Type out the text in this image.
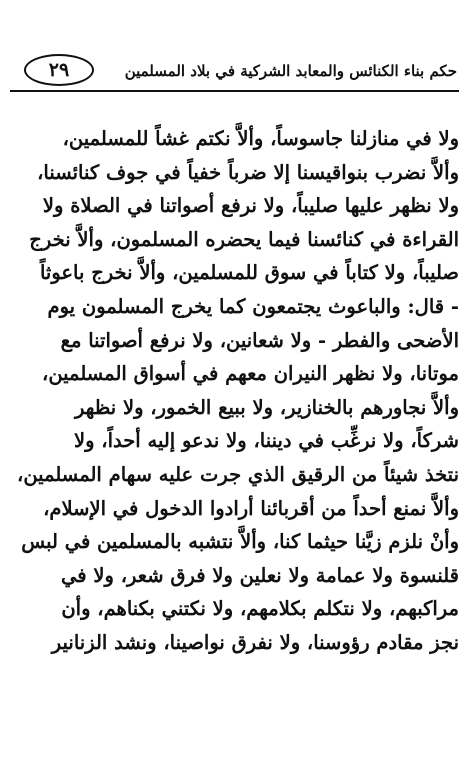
حكم بناء الكنائس والمعابد الشركية في بلاد المسلمين
٢٩
ولا في منازلنا جاسوساً، وألاَّ نكتم غشاً للمسلمين،
وألاَّ نضرب بنواقيسنا إلا ضرباً خفياً في جوف كنائسنا،
ولا نظهر عليها صليباً، ولا نرفع أصواتنا في الصلاة ولا
القراءة في كنائسنا فيما يحضره المسلمون، وألاَّ نخرج
صليباً، ولا كتاباً في سوق للمسلمين، وألاَّ نخرج باعوثاً
- قال: والباعوث يجتمعون كما يخرج المسلمون يوم
الأضحى والفطر - ولا شعانين، ولا نرفع أصواتنا مع
موتانا، ولا نظهر النيران معهم في أسواق المسلمين،
وألاَّ نجاورهم بالخنازير، ولا ببيع الخمور، ولا نظهر
شركاً، ولا نرغِّب في ديننا، ولا ندعو إليه أحداً، ولا
نتخذ شيئاً من الرقيق الذي جرت عليه سهام المسلمين،
وألاَّ نمنع أحداً من أقربائنا أرادوا الدخول في الإسلام،
وأنْ نلزم زيَّنا حيثما كنا، وألاَّ نتشبه بالمسلمين في لبس
قلنسوة ولا عمامة ولا نعلين ولا فرق شعر، ولا في
مراكبهم، ولا نتكلم بكلامهم، ولا نكتني بكناهم، وأن
نجز مقادم رؤوسنا، ولا نفرق نواصينا، ونشد الزنانير
